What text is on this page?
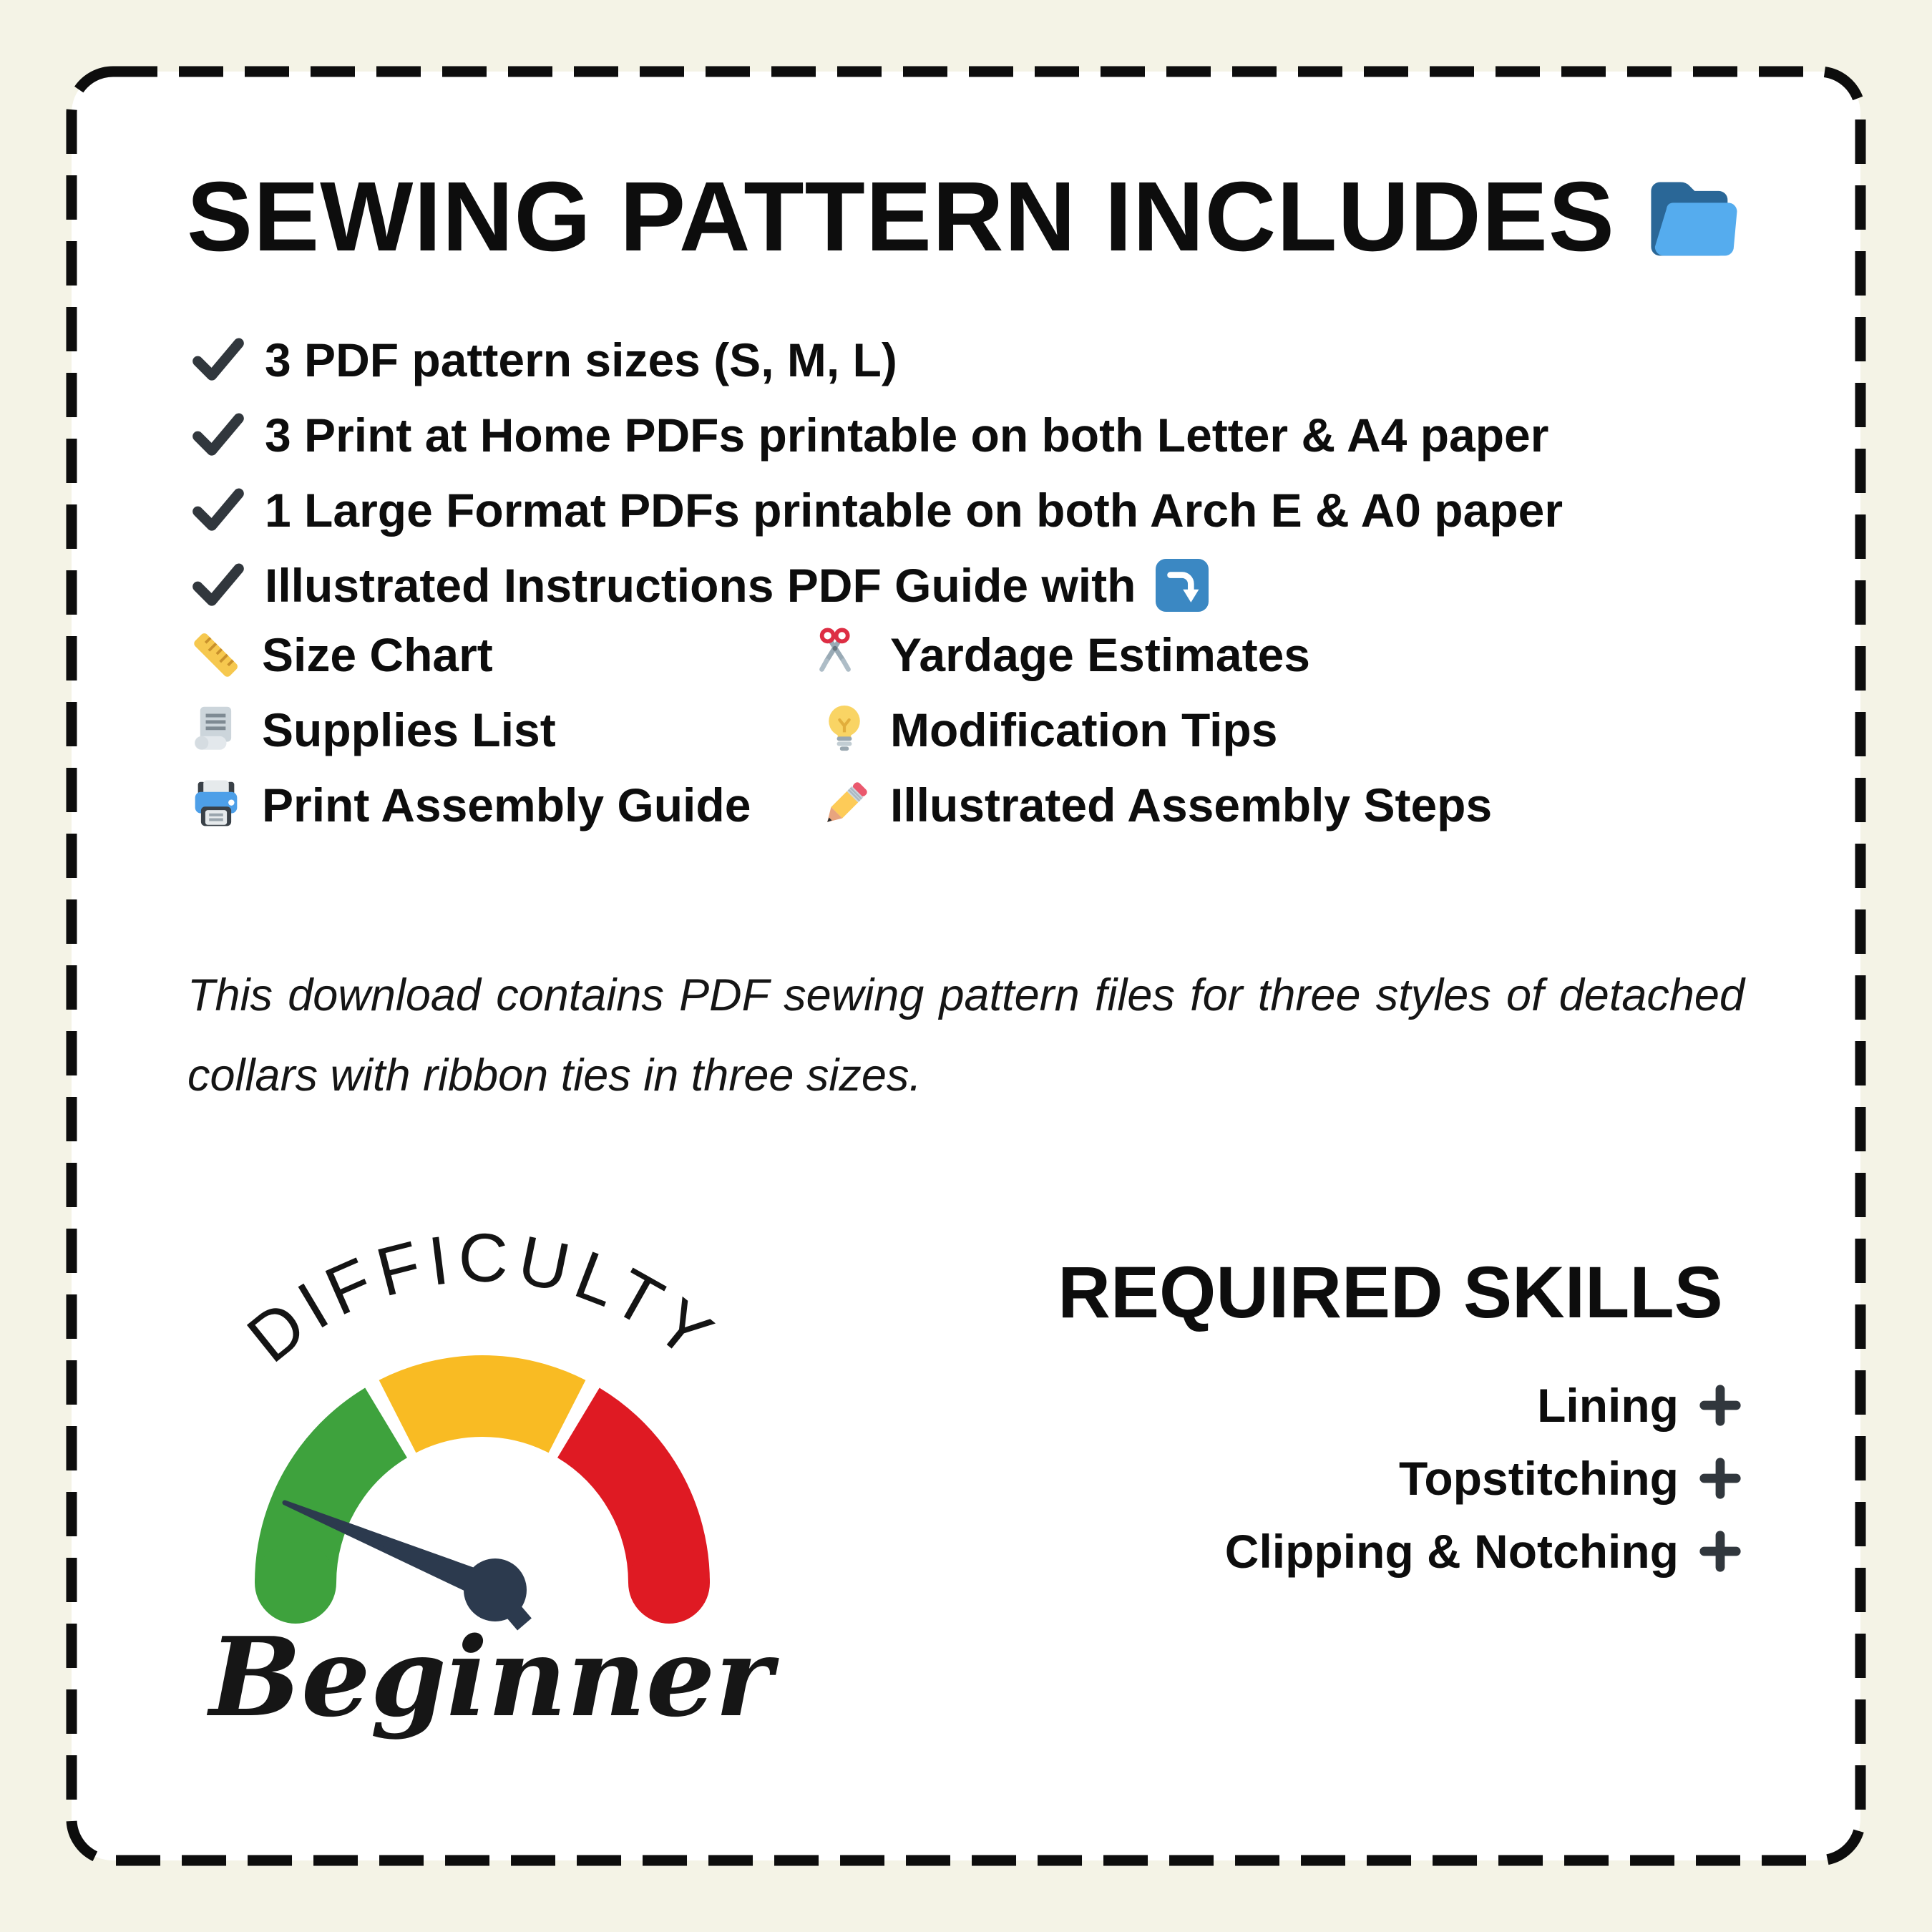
SEWING PATTERN INCLUDES
3 PDF pattern sizes (S, M, L)
3 Print at Home PDFs printable on both Letter & A4 paper
1 Large Format PDFs printable on both Arch E & A0 paper
Illustrated Instructions PDF Guide with
Size Chart	Yardage Estimates
Supplies List	Modification Tips
Print Assembly Guide	Illustrated Assembly Steps

This download contains PDF sewing pattern files for three styles of detached collars with ribbon ties in three sizes.

DIFFICULTY
Beginner
REQUIRED SKILLS
Lining
Topstitching
Clipping & Notching
